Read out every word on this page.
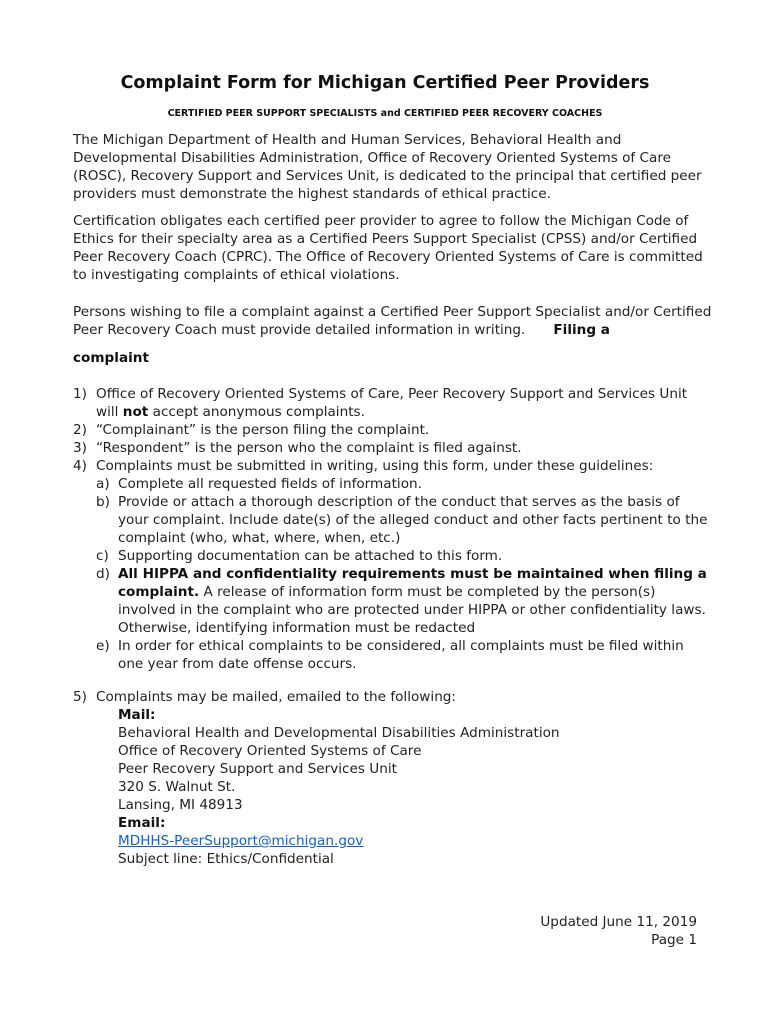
Complaint Form for Michigan Certified Peer Providers
CERTIFIED PEER SUPPORT SPECIALISTS and CERTIFIED PEER RECOVERY COACHES
The Michigan Department of Health and Human Services, Behavioral Health and Developmental Disabilities Administration, Office of Recovery Oriented Systems of Care (ROSC), Recovery Support and Services Unit, is dedicated to the principal that certified peer providers must demonstrate the highest standards of ethical practice.
Certification obligates each certified peer provider to agree to follow the Michigan Code of Ethics for their specialty area as a Certified Peers Support Specialist (CPSS) and/or Certified Peer Recovery Coach (CPRC). The Office of Recovery Oriented Systems of Care is committed to investigating complaints of ethical violations.
Persons wishing to file a complaint against a Certified Peer Support Specialist and/or Certified Peer Recovery Coach must provide detailed information in writing. Filing a
complaint
1) Office of Recovery Oriented Systems of Care, Peer Recovery Support and Services Unit will not accept anonymous complaints.
2) “Complainant” is the person filing the complaint.
3) “Respondent” is the person who the complaint is filed against.
4) Complaints must be submitted in writing, using this form, under these guidelines:
a) Complete all requested fields of information.
b) Provide or attach a thorough description of the conduct that serves as the basis of your complaint. Include date(s) of the alleged conduct and other facts pertinent to the complaint (who, what, where, when, etc.)
c) Supporting documentation can be attached to this form.
d) All HIPPA and confidentiality requirements must be maintained when filing a complaint. A release of information form must be completed by the person(s) involved in the complaint who are protected under HIPPA or other confidentiality laws. Otherwise, identifying information must be redacted
e) In order for ethical complaints to be considered, all complaints must be filed within one year from date offense occurs.
5) Complaints may be mailed, emailed to the following:
Mail:
Behavioral Health and Developmental Disabilities Administration
Office of Recovery Oriented Systems of Care
Peer Recovery Support and Services Unit
320 S. Walnut St.
Lansing, MI 48913
Email:
MDHHS-PeerSupport@michigan.gov
Subject line: Ethics/Confidential
Updated June 11, 2019
Page 1
